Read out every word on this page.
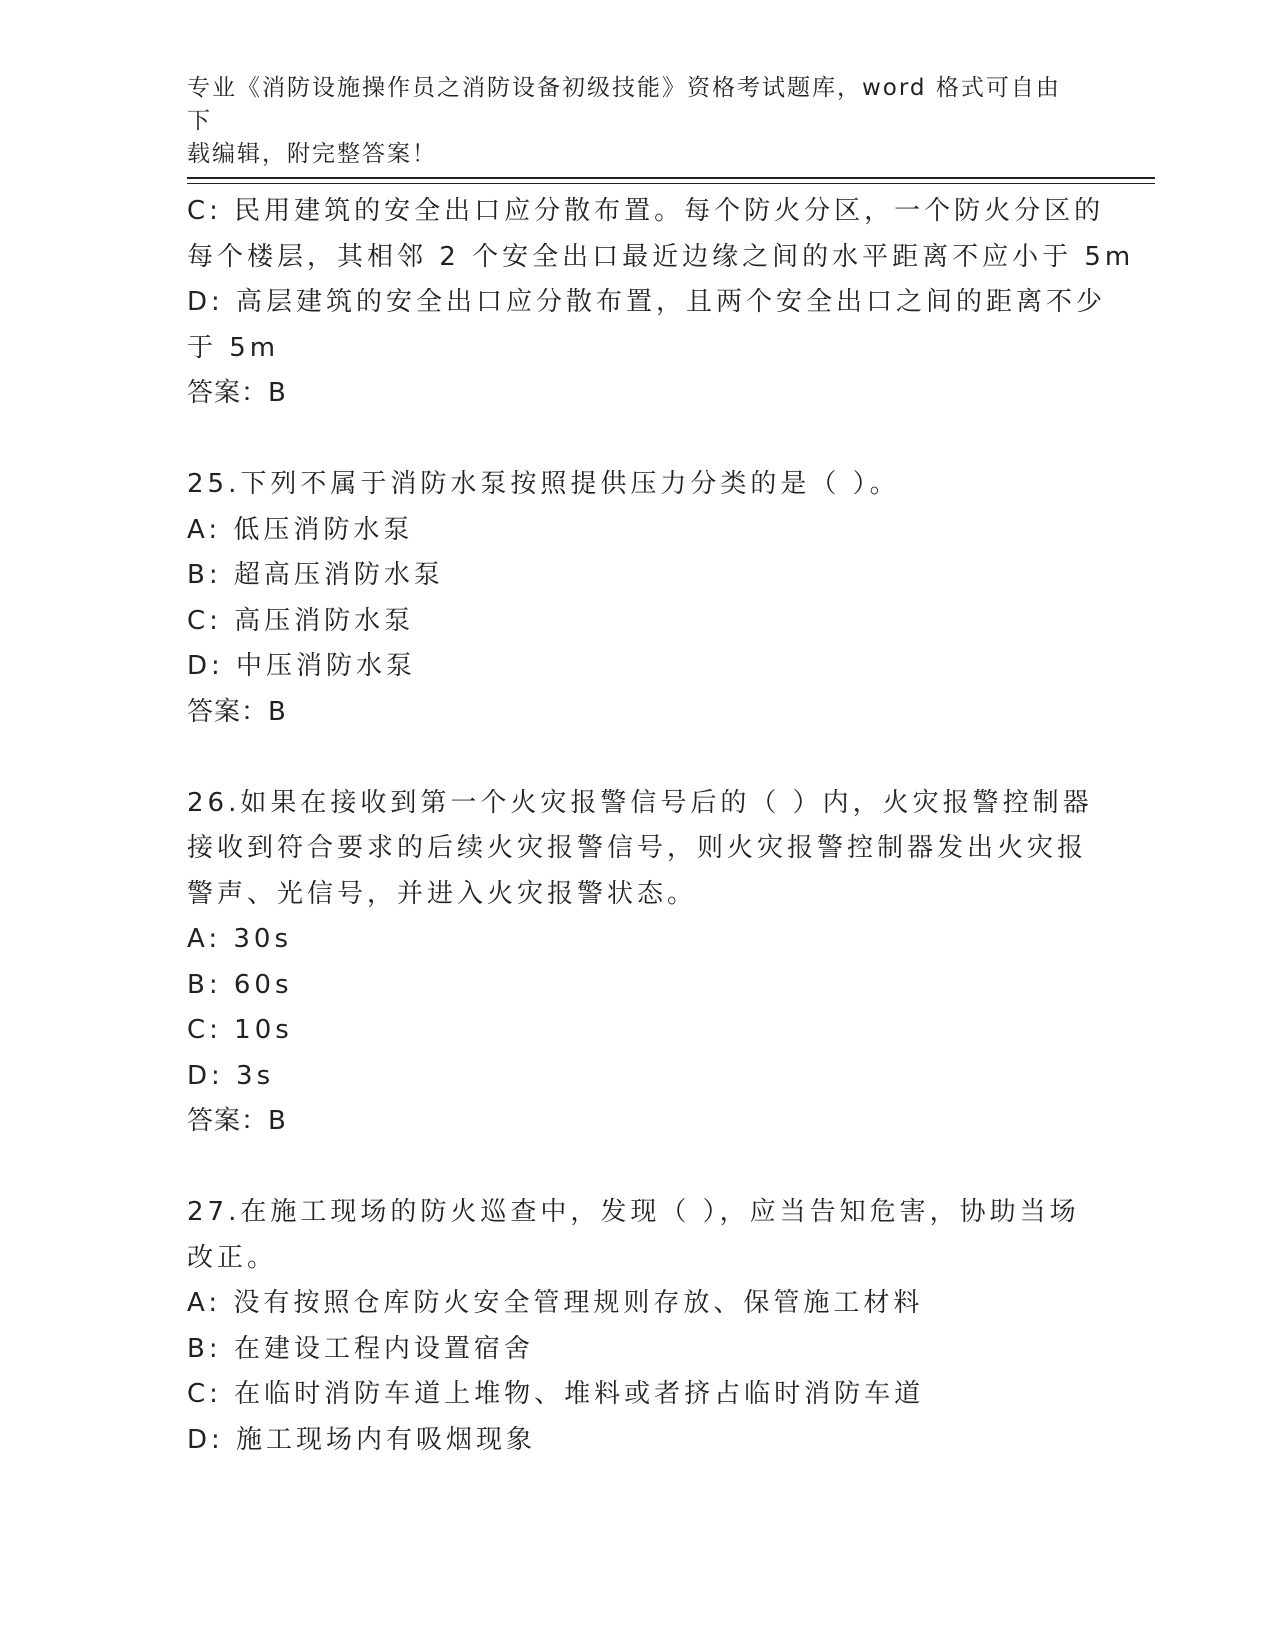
专业《消防设施操作员之消防设备初级技能》资格考试题库，word 格式可自由下
载编辑，附完整答案！
C: 民用建筑的安全出口应分散布置。每个防火分区，一个防火分区的
每个楼层，其相邻 2 个安全出口最近边缘之间的水平距离不应小于 5m
D: 高层建筑的安全出口应分散布置，且两个安全出口之间的距离不少
于 5m
答案：B
25.下列不属于消防水泵按照提供压力分类的是（ ）。
A: 低压消防水泵
B: 超高压消防水泵
C: 高压消防水泵
D: 中压消防水泵
答案：B
26.如果在接收到第一个火灾报警信号后的（ ）内，火灾报警控制器
接收到符合要求的后续火灾报警信号，则火灾报警控制器发出火灾报
警声、光信号，并进入火灾报警状态。
A: 30s
B: 60s
C: 10s
D: 3s
答案：B
27.在施工现场的防火巡查中，发现（ ），应当告知危害，协助当场
改正。
A: 没有按照仓库防火安全管理规则存放、保管施工材料
B: 在建设工程内设置宿舍
C: 在临时消防车道上堆物、堆料或者挤占临时消防车道
D: 施工现场内有吸烟现象
